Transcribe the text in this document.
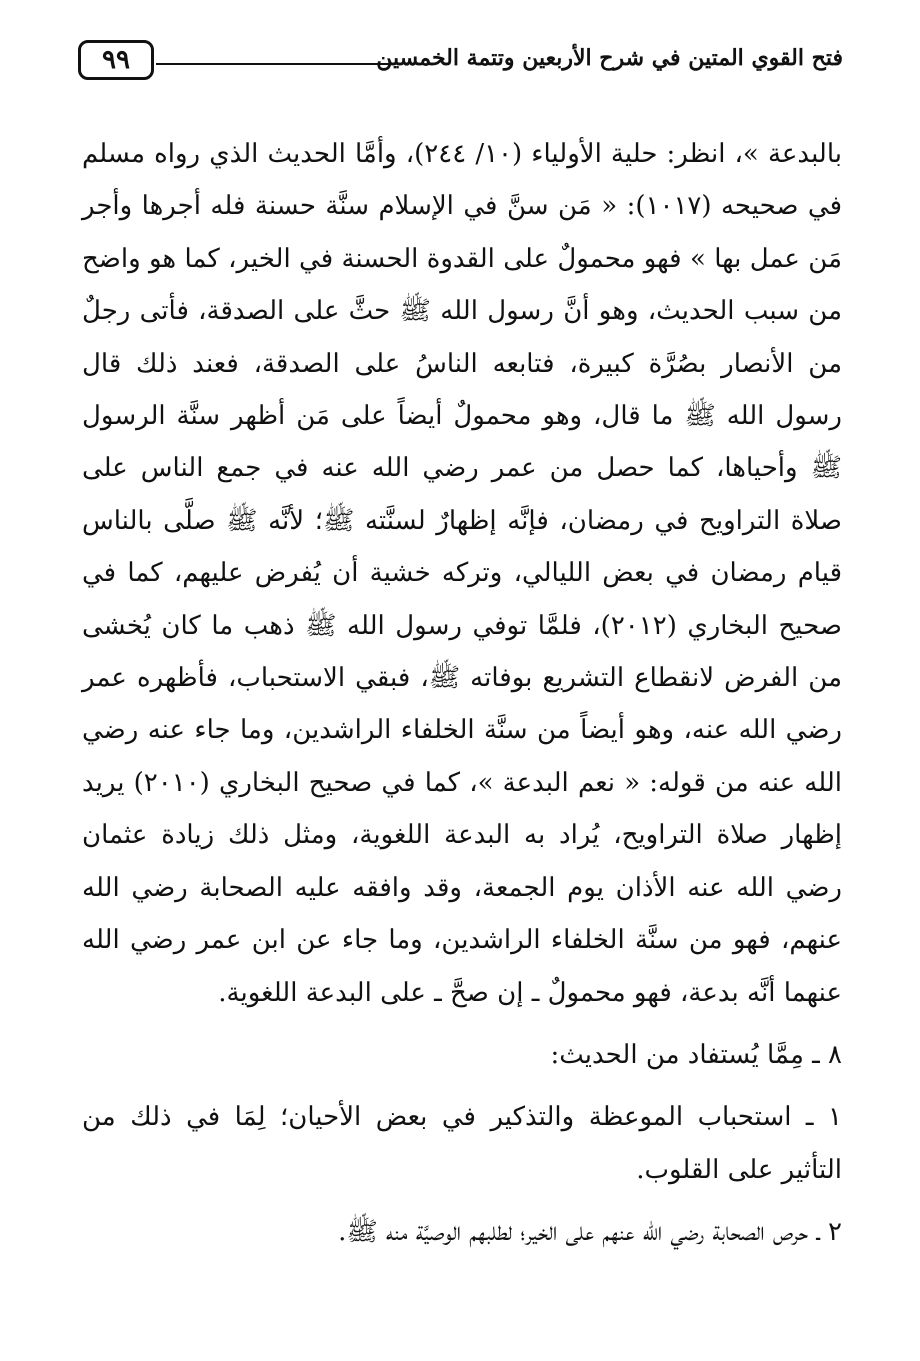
فتح القوي المتين في شرح الأربعين وتتمة الخمسين
٩٩

بالبدعة »، انظر: حلية الأولياء (١٠/ ٢٤٤)، وأمَّا الحديث الذي رواه مسلم في صحيحه (١٠١٧): « مَن سنَّ في الإسلام سنَّة حسنة فله أجرها وأجر مَن عمل بها » فهو محمولٌ على القدوة الحسنة في الخير، كما هو واضح من سبب الحديث، وهو أنَّ رسول الله ﷺ حثَّ على الصدقة، فأتى رجلٌ من الأنصار بصُرَّة كبيرة، فتابعه الناسُ على الصدقة، فعند ذلك قال رسول الله ﷺ ما قال، وهو محمولٌ أيضاً على مَن أظهر سنَّة الرسول ﷺ وأحياها، كما حصل من عمر رضي الله عنه في جمع الناس على صلاة التراويح في رمضان، فإنَّه إظهارٌ لسنَّته ﷺ؛ لأنَّه ﷺ صلَّى بالناس قيام رمضان في بعض الليالي، وتركه خشية أن يُفرض عليهم، كما في صحيح البخاري (٢٠١٢)، فلمَّا توفي رسول الله ﷺ ذهب ما كان يُخشى من الفرض لانقطاع التشريع بوفاته ﷺ، فبقي الاستحباب، فأظهره عمر رضي الله عنه، وهو أيضاً من سنَّة الخلفاء الراشدين، وما جاء عنه رضي الله عنه من قوله: « نعم البدعة »، كما في صحيح البخاري (٢٠١٠) يريد إظهار صلاة التراويح، يُراد به البدعة اللغوية، ومثل ذلك زيادة عثمان رضي الله عنه الأذان يوم الجمعة، وقد وافقه عليه الصحابة رضي الله عنهم، فهو من سنَّة الخلفاء الراشدين، وما جاء عن ابن عمر رضي الله عنهما أنَّه بدعة، فهو محمولٌ ـ إن صحَّ ـ على البدعة اللغوية.

٨ ـ مِمَّا يُستفاد من الحديث:

١ ـ استحباب الموعظة والتذكير في بعض الأحيان؛ لِمَا في ذلك من التأثير على القلوب.

٢ ـ حرص الصحابة رضي الله عنهم على الخير؛ لطلبهم الوصيَّة منه ﷺ.
